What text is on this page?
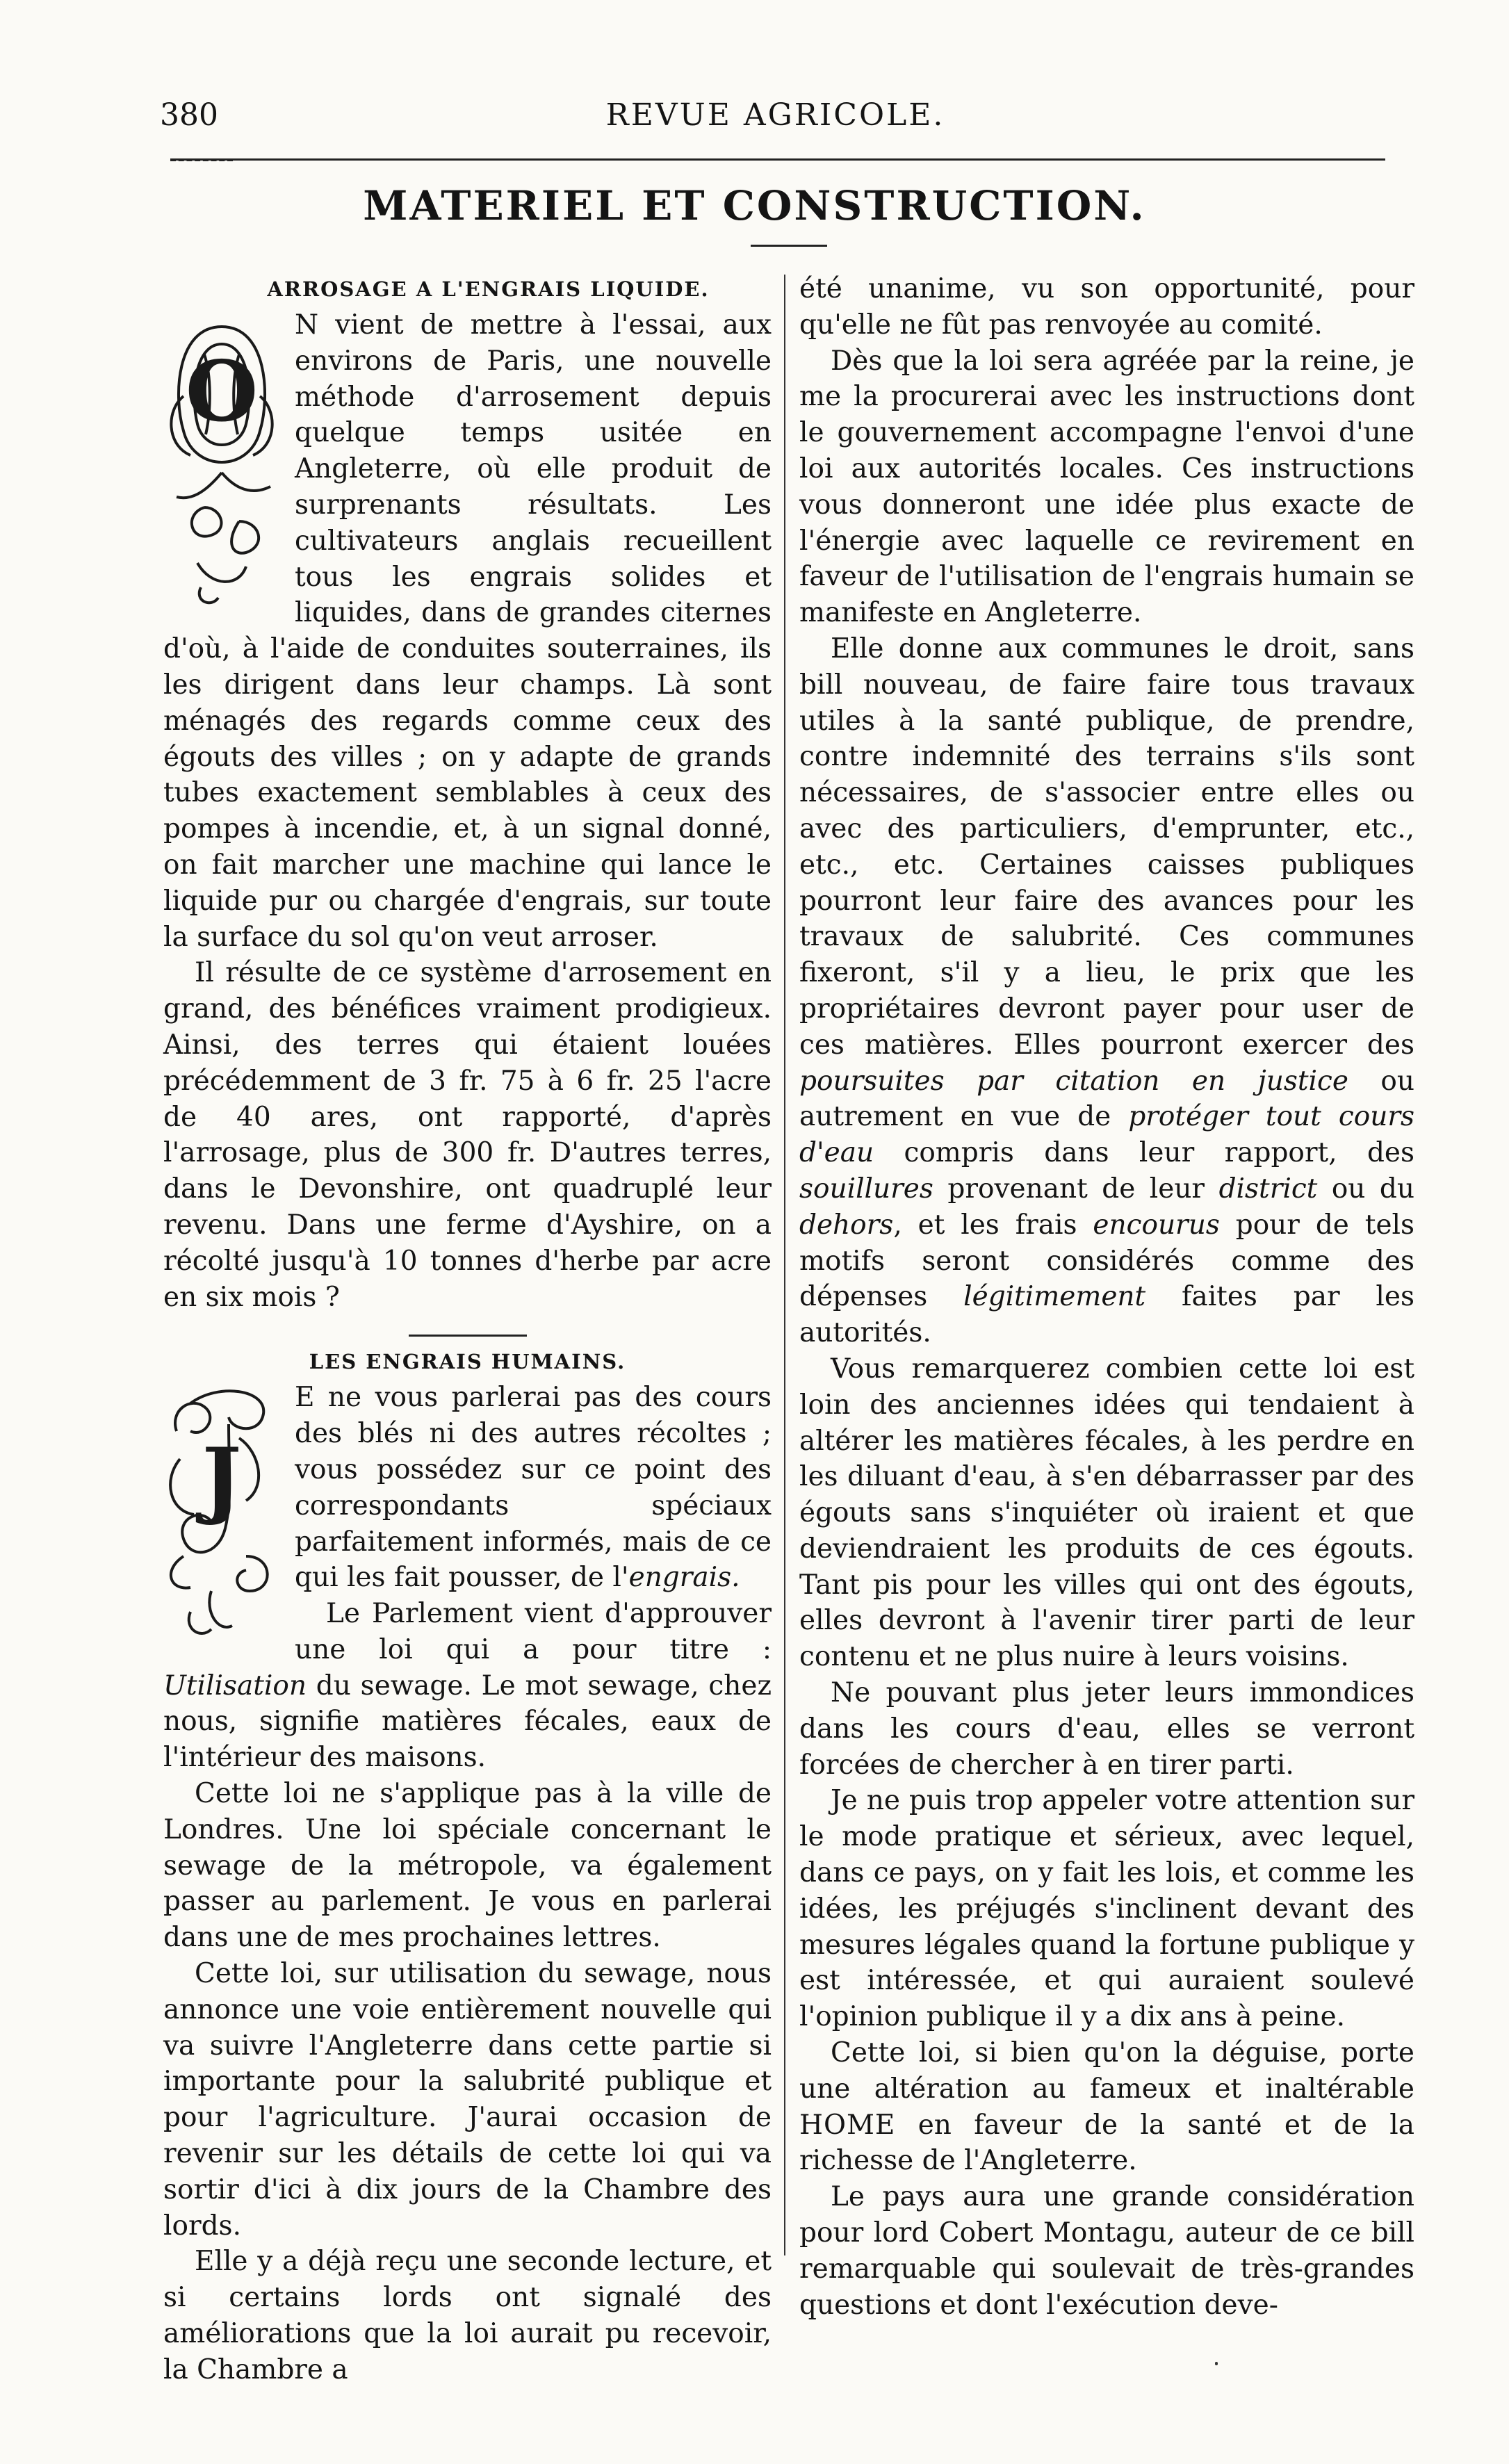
380	REVUE AGRICOLE.
MATERIEL ET CONSTRUCTION.
ARROSAGE A L'ENGRAIS LIQUIDE.
O

N vient de mettre à l'essai, aux environs de Paris, une nouvelle méthode d'arrosement depuis quelque temps usitée en Angleterre, où elle produit de surprenants résultats. Les cultivateurs anglais recueillent tous les engrais solides et liquides, dans de grandes citernes d'où, à l'aide de conduites souterraines, ils les dirigent dans leur champs. Là sont ménagés des regards comme ceux des égouts des villes ; on y adapte de grands tubes exactement semblables à ceux des pompes à incendie, et, à un signal donné, on fait marcher une machine qui lance le liquide pur ou chargée d'engrais, sur toute la surface du sol qu'on veut arroser.

Il résulte de ce système d'arrosement en grand, des bénéfices vraiment prodigieux. Ainsi, des terres qui étaient louées précédemment de 3 fr. 75 à 6 fr. 25 l'acre de 40 ares, ont rapporté, d'après l'arrosage, plus de 300 fr. D'autres terres, dans le Devonshire, ont quadruplé leur revenu. Dans une ferme d'Ayshire, on a récolté jusqu'à 10 tonnes d'herbe par acre en six mois ?

LES ENGRAIS HUMAINS.
J

E ne vous parlerai pas des cours des blés ni des autres récoltes ; vous possédez sur ce point des correspondants spéciaux parfaitement informés, mais de ce qui les fait pousser, de l'engrais.

Le Parlement vient d'approuver une loi qui a pour titre : Utilisation du sewage. Le mot sewage, chez nous, signifie matières fécales, eaux de l'intérieur des maisons.

Cette loi ne s'applique pas à la ville de Londres. Une loi spéciale concernant le sewage de la métropole, va également passer au parlement. Je vous en parlerai dans une de mes prochaines lettres.

Cette loi, sur utilisation du sewage, nous annonce une voie entièrement nouvelle qui va suivre l'Angleterre dans cette partie si importante pour la salubrité publique et pour l'agriculture. J'aurai occasion de revenir sur les détails de cette loi qui va sortir d'ici à dix jours de la Chambre des lords.

Elle y a déjà reçu une seconde lecture, et si certains lords ont signalé des améliorations que la loi aurait pu recevoir, la Chambre a

été unanime, vu son opportunité, pour qu'elle ne fût pas renvoyée au comité.

Dès que la loi sera agréée par la reine, je me la procurerai avec les instructions dont le gouvernement accompagne l'envoi d'une loi aux autorités locales. Ces instructions vous donneront une idée plus exacte de l'énergie avec laquelle ce revirement en faveur de l'utilisation de l'engrais humain se manifeste en Angleterre.

Elle donne aux communes le droit, sans bill nouveau, de faire faire tous travaux utiles à la santé publique, de prendre, contre indemnité des terrains s'ils sont nécessaires, de s'associer entre elles ou avec des particuliers, d'emprunter, etc., etc., etc. Certaines caisses publiques pourront leur faire des avances pour les travaux de salubrité. Ces communes fixeront, s'il y a lieu, le prix que les propriétaires devront payer pour user de ces matières. Elles pourront exercer des poursuites par citation en justice ou autrement en vue de protéger tout cours d'eau compris dans leur rapport, des souillures provenant de leur district ou du dehors, et les frais encourus pour de tels motifs seront considérés comme des dépenses légitimement faites par les autorités.

Vous remarquerez combien cette loi est loin des anciennes idées qui tendaient à altérer les matières fécales, à les perdre en les diluant d'eau, à s'en débarrasser par des égouts sans s'inquiéter où iraient et que deviendraient les produits de ces égouts. Tant pis pour les villes qui ont des égouts, elles devront à l'avenir tirer parti de leur contenu et ne plus nuire à leurs voisins.

Ne pouvant plus jeter leurs immondices dans les cours d'eau, elles se verront forcées de chercher à en tirer parti.

Je ne puis trop appeler votre attention sur le mode pratique et sérieux, avec lequel, dans ce pays, on y fait les lois, et comme les idées, les préjugés s'inclinent devant des mesures légales quand la fortune publique y est intéressée, et qui auraient soulevé l'opinion publique il y a dix ans à peine.

Cette loi, si bien qu'on la déguise, porte une altération au fameux et inaltérable HOME en faveur de la santé et de la richesse de l'Angleterre.

Le pays aura une grande considération pour lord Cobert Montagu, auteur de ce bill remarquable qui soulevait de très-grandes questions et dont l'exécution deve-
